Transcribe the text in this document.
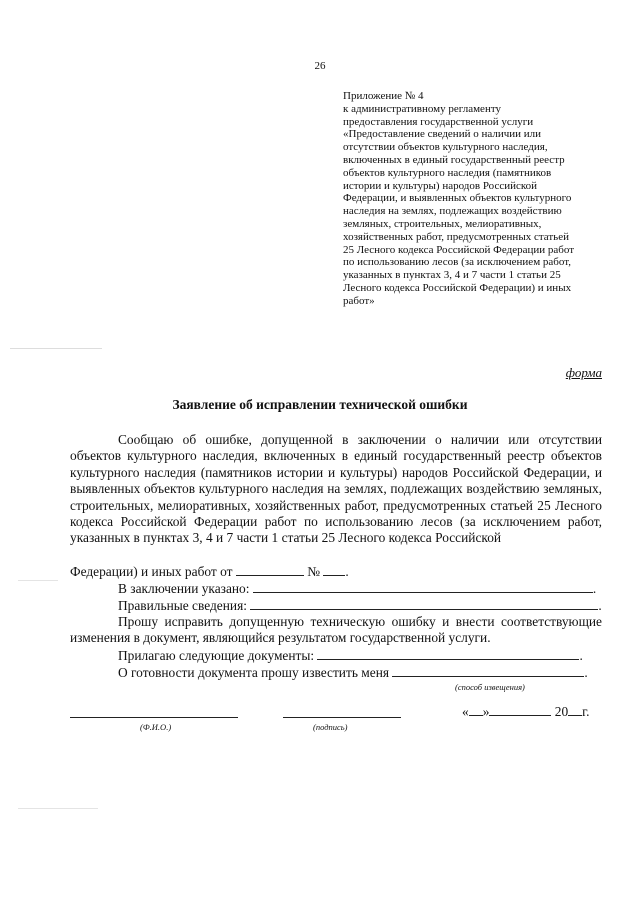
26
Приложение № 4
к административному регламенту
предоставления государственной услуги
«Предоставление сведений о наличии или
отсутствии объектов культурного наследия,
включенных в единый государственный реестр
объектов культурного наследия (памятников
истории и культуры) народов Российской
Федерации, и выявленных объектов культурного
наследия на землях, подлежащих воздействию
земляных, строительных, мелиоративных,
хозяйственных работ, предусмотренных статьей
25 Лесного кодекса Российской Федерации работ
по использованию лесов (за исключением работ,
указанных в пунктах 3, 4 и 7 части 1 статьи 25
Лесного кодекса Российской Федерации) и иных
работ»
форма
Заявление об исправлении технической ошибки
Сообщаю об ошибке, допущенной в заключении о наличии или отсутствии объектов культурного наследия, включенных в единый государственный реестр объектов культурного наследия (памятников истории и культуры) народов Российской Федерации, и выявленных объектов культурного наследия на землях, подлежащих воздействию земляных, строительных, мелиоративных, хозяйственных работ, предусмотренных статьей 25 Лесного кодекса Российской Федерации работ по использованию лесов (за исключением работ, указанных в пунктах 3, 4 и 7 части 1 статьи 25 Лесного кодекса Российской
Федерации) и иных работ от	№ .
В заключении указано:	.
Правильные сведения:	.
Прошу исправить допущенную техническую ошибку и внести соответствующие изменения в документ, являющийся результатом государственной услуги.
Прилагаю следующие документы:	.
О готовности документа прошу известить меня	.
(способ извещения)
(Ф.И.О.)	(подпись)
« »	20 г.
